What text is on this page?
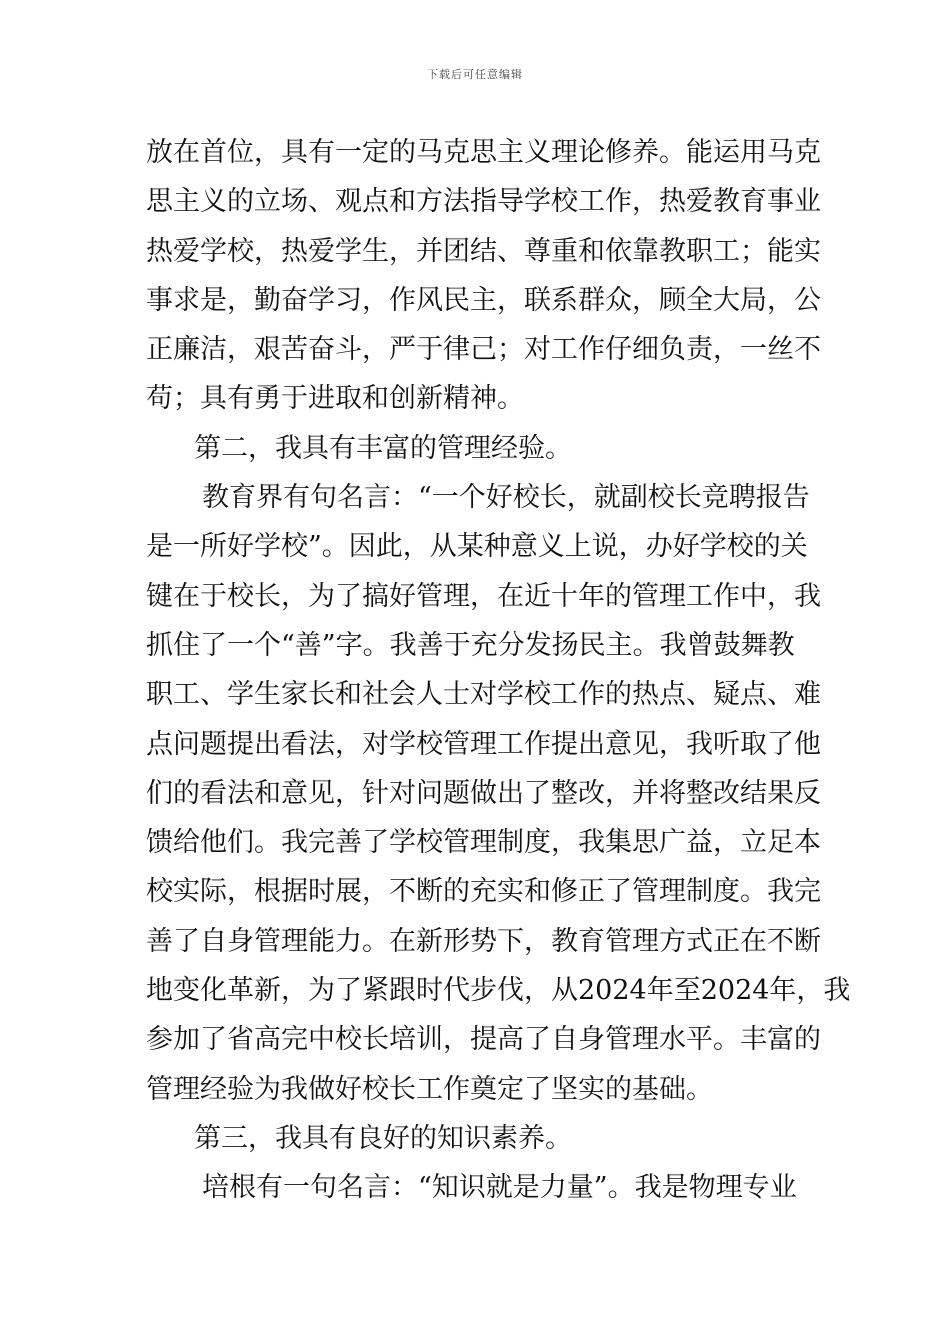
下载后可任意编辑
放在首位，具有一定的马克思主义理论修养。能运用马克
思主义的立场、观点和方法指导学校工作，热爱教育事业
热爱学校，热爱学生，并团结、尊重和依靠教职工；能实
事求是，勤奋学习，作风民主，联系群众，顾全大局，公
正廉洁，艰苦奋斗，严于律己；对工作仔细负责，一丝不
苟；具有勇于进取和创新精神。
第二，我具有丰富的管理经验。
教育界有句名言：“一个好校长，就副校长竞聘报告
是一所好学校”。因此，从某种意义上说，办好学校的关
键在于校长，为了搞好管理，在近十年的管理工作中，我
抓住了一个“善”字。我善于充分发扬民主。我曾鼓舞教
职工、学生家长和社会人士对学校工作的热点、疑点、难
点问题提出看法，对学校管理工作提出意见，我听取了他
们的看法和意见，针对问题做出了整改，并将整改结果反
馈给他们。我完善了学校管理制度，我集思广益，立足本
校实际，根据时展，不断的充实和修正了管理制度。我完
善了自身管理能力。在新形势下，教育管理方式正在不断
地变化革新，为了紧跟时代步伐，从2024年至2024年，我
参加了省高完中校长培训，提高了自身管理水平。丰富的
管理经验为我做好校长工作奠定了坚实的基础。
第三，我具有良好的知识素养。
培根有一句名言：“知识就是力量”。我是物理专业
